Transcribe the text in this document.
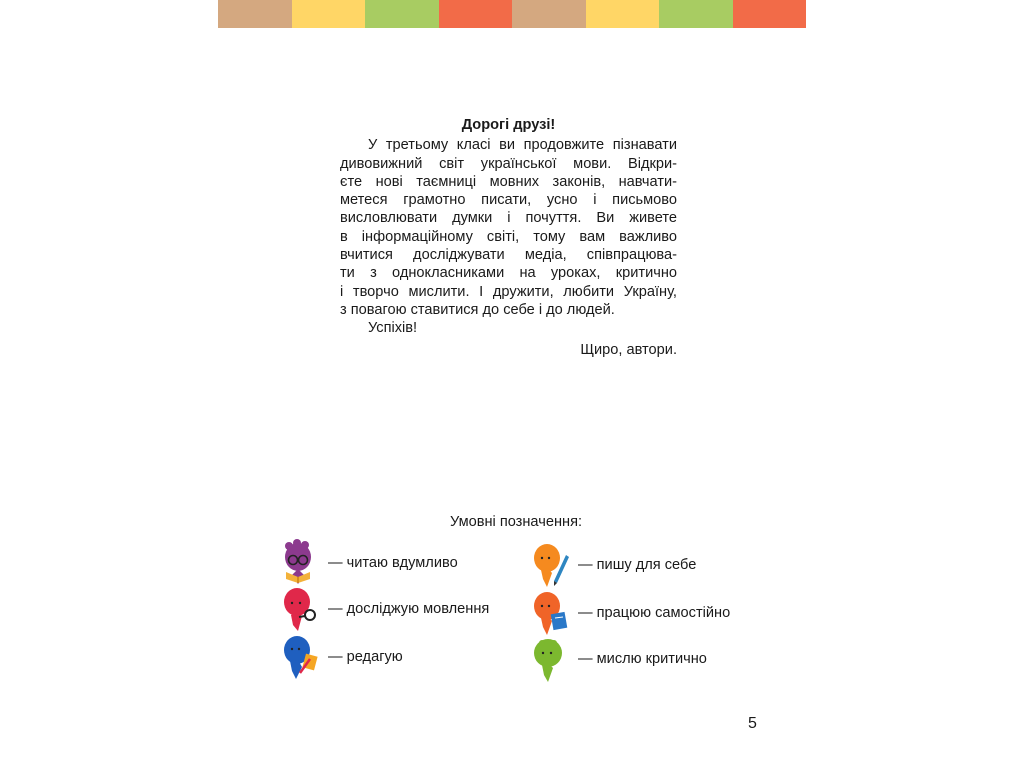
Дорогі друзі!

У третьому класі ви продовжите пізнавати
дивовижний світ української мови. Відкри-
єте нові таємниці мовних законів, навчати-
метеся грамотно писати, усно і письмово
висловлювати думки і почуття. Ви живете
в інформаційному світі, тому вам важливо
вчитися досліджувати медіа, співпрацюва-
ти з однокласниками на уроках, критично
і творчо мислити. І дружити, любити Україну,
з повагою ставитися до себе і до людей.

Успіхів!

Щиро, автори.

Умовні позначення:
— читаю вдумливо
— досліджую мовлення
— редагую
— пишу для себе
— працюю самостійно
— мислю критично
5
